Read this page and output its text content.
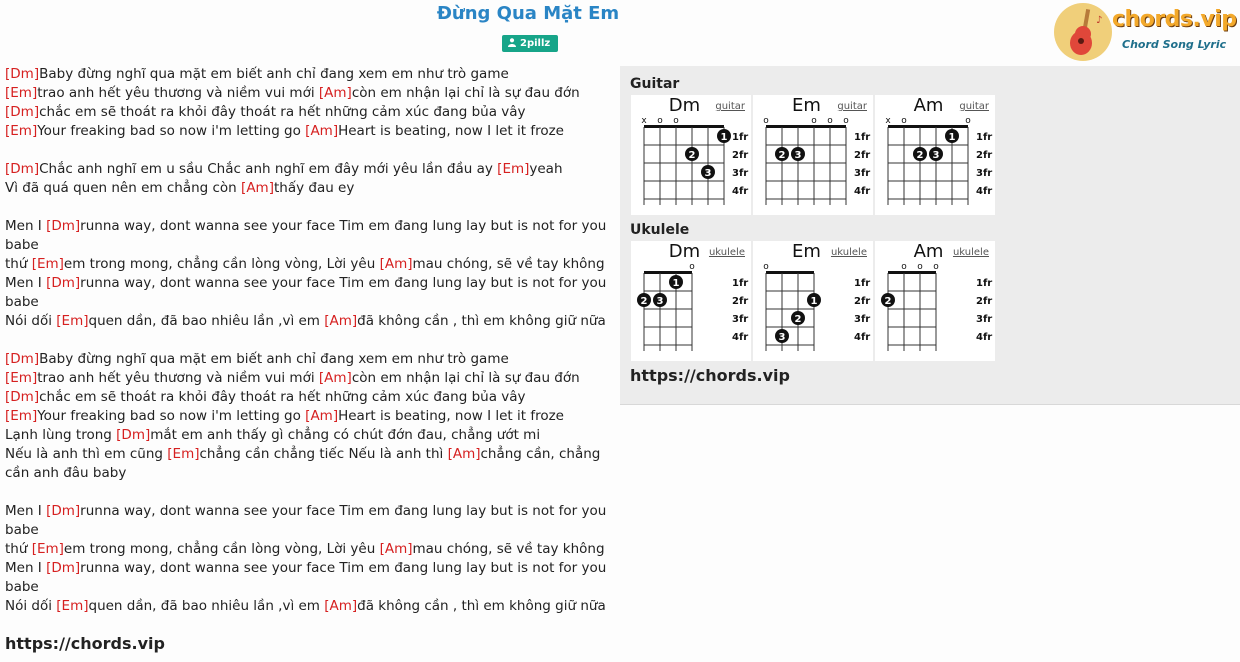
Đừng Qua Mặt Em
2pillz
♪ chords.vip
Chord Song Lyric
[Dm]Baby đừng nghĩ qua mặt em biết anh chỉ đang xem em như trò game
[Em]trao anh hết yêu thương và niềm vui mới [Am]còn em nhận lại chỉ là sự đau đớn
[Dm]chắc em sẽ thoát ra khỏi đây thoát ra hết những cảm xúc đang bủa vây
[Em]Your freaking bad so now i'm letting go [Am]Heart is beating, now I let it froze
[Dm]Chắc anh nghĩ em u sầu Chắc anh nghĩ em đây mới yêu lần đầu ay [Em]yeah
Vì đã quá quen nên em chẳng còn [Am]thấy đau ey
Men I [Dm]runna way, dont wanna see your face Tim em đang lung lay but is not for you babe
thứ [Em]em trong mong, chẳng cần lòng vòng, Lời yêu [Am]mau chóng, sẽ về tay không
Men I [Dm]runna way, dont wanna see your face Tim em đang lung lay but is not for you babe
Nói dối [Em]quen dần, đã bao nhiêu lần ,vì em [Am]đã không cần , thì em không giữ nữa
[Dm]Baby đừng nghĩ qua mặt em biết anh chỉ đang xem em như trò game
[Em]trao anh hết yêu thương và niềm vui mới [Am]còn em nhận lại chỉ là sự đau đớn
[Dm]chắc em sẽ thoát ra khỏi đây thoát ra hết những cảm xúc đang bủa vây
[Em]Your freaking bad so now i'm letting go [Am]Heart is beating, now I let it froze
Lạnh lùng trong [Dm]mắt em anh thấy gì chẳng có chút đớn đau, chẳng ướt mi
Nếu là anh thì em cũng [Em]chẳng cần chẳng tiếc Nếu là anh thì [Am]chẳng cần, chẳng cần anh đâu baby
Men I [Dm]runna way, dont wanna see your face Tim em đang lung lay but is not for you babe
thứ [Em]em trong mong, chẳng cần lòng vòng, Lời yêu [Am]mau chóng, sẽ về tay không
Men I [Dm]runna way, dont wanna see your face Tim em đang lung lay but is not for you babe
Nói dối [Em]quen dần, đã bao nhiêu lần ,vì em [Am]đã không cần , thì em không giữ nữa
https://chords.vip
Guitar
Ukulele
https://chords.vip
Dm	guitar
1fr
2fr
3fr
4fr
x o o
1
2
3
Em	guitar
1fr
2fr
3fr
4fr
o	o o o
2 3
Am	guitar
1fr
2fr
3fr
4fr
x o	o
1
2 3
Dm ukulele
1fr
2fr
3fr
4fr
o
1
2 3
Em	ukulele
1fr
2fr
3fr
4fr
o
1
2
3
Am ukulele
1fr
2fr
3fr
4fr
o o o
2
